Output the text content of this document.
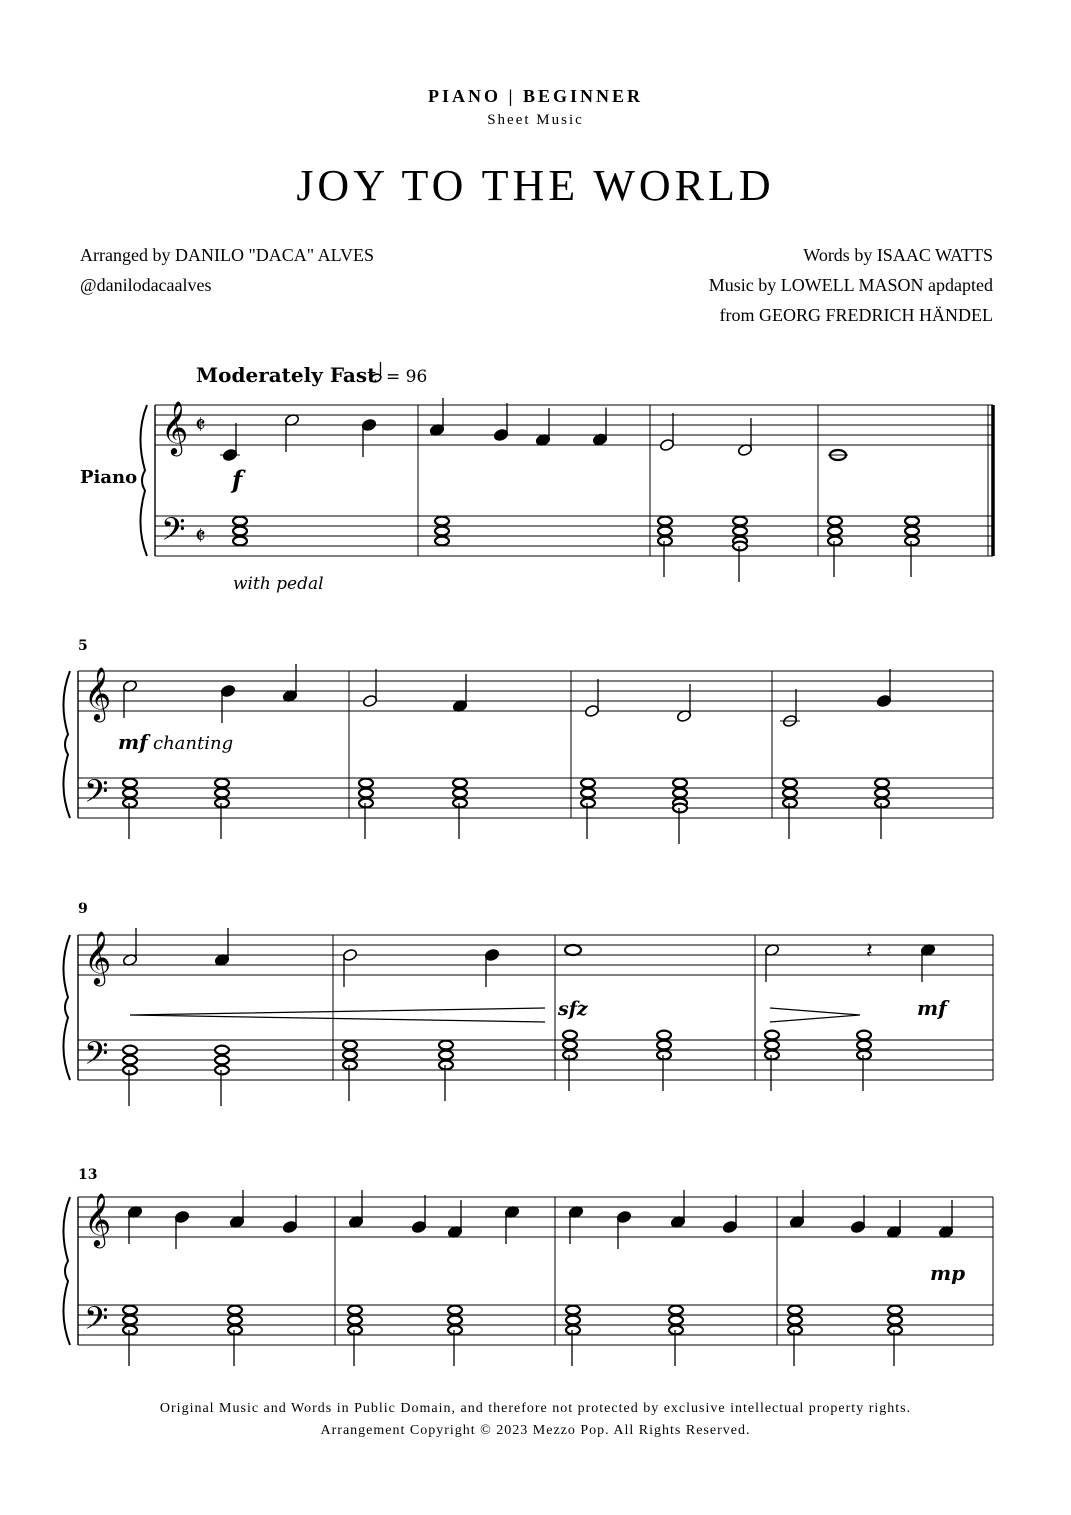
PIANO | BEGINNER
Sheet Music
JOY TO THE WORLD
Arranged by DANILO "DACA" ALVES
@danilodacaalves
Words by ISAAC WATTS
Music by LOWELL MASON apdapted
from GEORG FREDRICH HÄNDEL
𝄞
𝄢
𝄵
𝄵
𝄞
𝄢
𝄞
𝄢
𝄞
𝄢
𝄽
Moderately Fast = 96
Piano
with pedal
5
9
13
f
mf chanting
sfz	mf
mp
Original Music and Words in Public Domain, and therefore not protected by exclusive intellectual property rights.
Arrangement Copyright © 2023 Mezzo Pop. All Rights Reserved.
